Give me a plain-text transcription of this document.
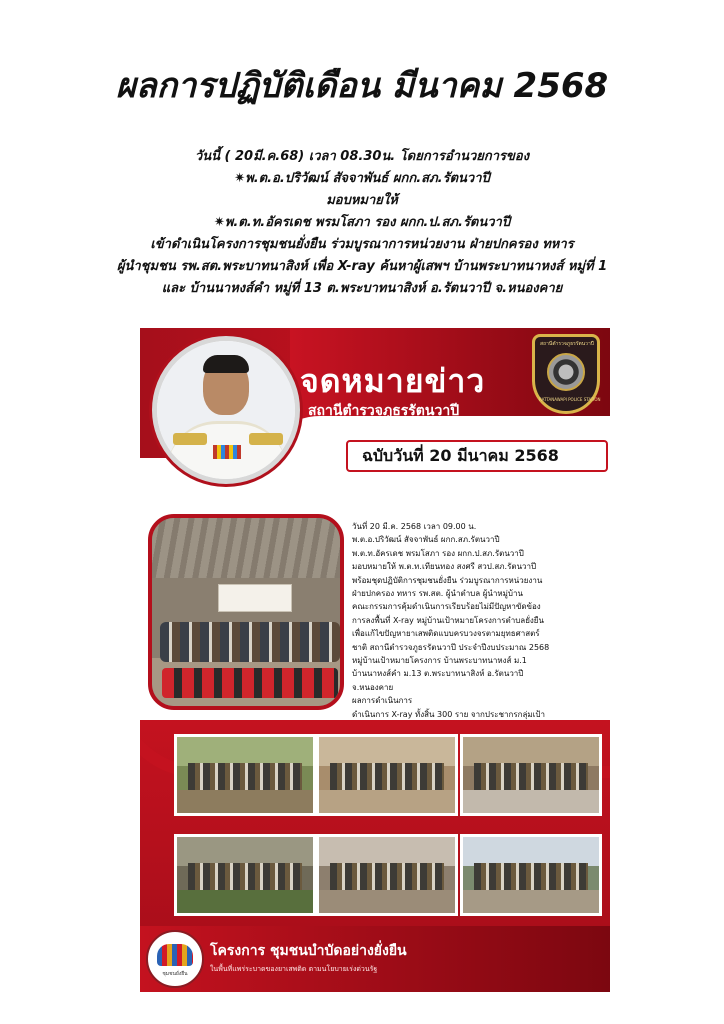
ผลการปฏิบัติเดือน มีนาคม 2568
วันนี้ ( 20มี.ค.68) เวลา 08.30น. โดยการอำนวยการของ
✷พ.ต.อ.ปริวัฒน์ สัจจาพันธ์ ผกก.สภ.รัตนวาปี
มอบหมายให้
✷พ.ต.ท.อัครเดช พรมโสภา รอง ผกก.ป.สภ.รัตนวาปี
เข้าดำเนินโครงการชุมชนยั่งยืน ร่วมบูรณาการหน่วยงาน ฝ่ายปกครอง ทหาร
ผู้นำชุมชน รพ.สต.พระบาทนาสิงห์ เพื่อ X-ray ค้นหาผู้เสพฯ บ้านพระบาทนาหงส์ หมู่ที่ 1
และ บ้านนาหงส์คำ หมู่ที่ 13 ต.พระบาทนาสิงห์ อ.รัตนวาปี จ.หนองคาย
จดหมายข่าว
สถานีตำรวจภูธรรัตนวาปี
สถานีตำรวจภูธรรัตนวาปี
RATTANAWAPI POLICE STATION
ฉบับวันที่ 20 มีนาคม 2568
วันที่ 20 มี.ค. 2568 เวลา 09.00 น.
พ.ต.อ.ปริวัฒน์ สัจจาพันธ์ ผกก.สภ.รัตนวาปี
พ.ต.ท.อัครเดช พรมโสภา รอง ผกก.ป.สภ.รัตนวาปี
มอบหมายให้ พ.ต.ท.เทียนทอง สงศรี สวป.สภ.รัตนวาปี
พร้อมชุดปฏิบัติการชุมชนยั่งยืน ร่วมบูรณาการหน่วยงาน
ฝ่ายปกครอง ทหาร รพ.สต. ผู้นำตำบล ผู้นำหมู่บ้าน
คณะกรรมการคุ้มดำเนินการเรียบร้อยไม่มีปัญหาขัดข้อง
การลงพื้นที่ X-ray หมู่บ้านเป้าหมายโครงการตำบลยั่งยืน
เพื่อแก้ไขปัญหายาเสพติดแบบครบวงจรตามยุทธศาสตร์
ชาติ สถานีตำรวจภูธรรัตนวาปี ประจำปีงบประมาณ 2568
หมู่บ้านเป้าหมายโครงการ บ้านพระบาทนาหงส์ ม.1
บ้านนาหงส์คำ ม.13 ต.พระบาทนาสิงห์ อ.รัตนวาปี
จ.หนองคาย
ผลการดำเนินการ
ดำเนินการ X-ray ทั้งสิ้น 300 ราย จากประชากรกลุ่มเป้า
ชุมชนยั่งยืน
โครงการ ชุมชนบำบัดอย่างยั่งยืน
ในพื้นที่แพร่ระบาดของยาเสพติด ตามนโยบายเร่งด่วนรัฐ
